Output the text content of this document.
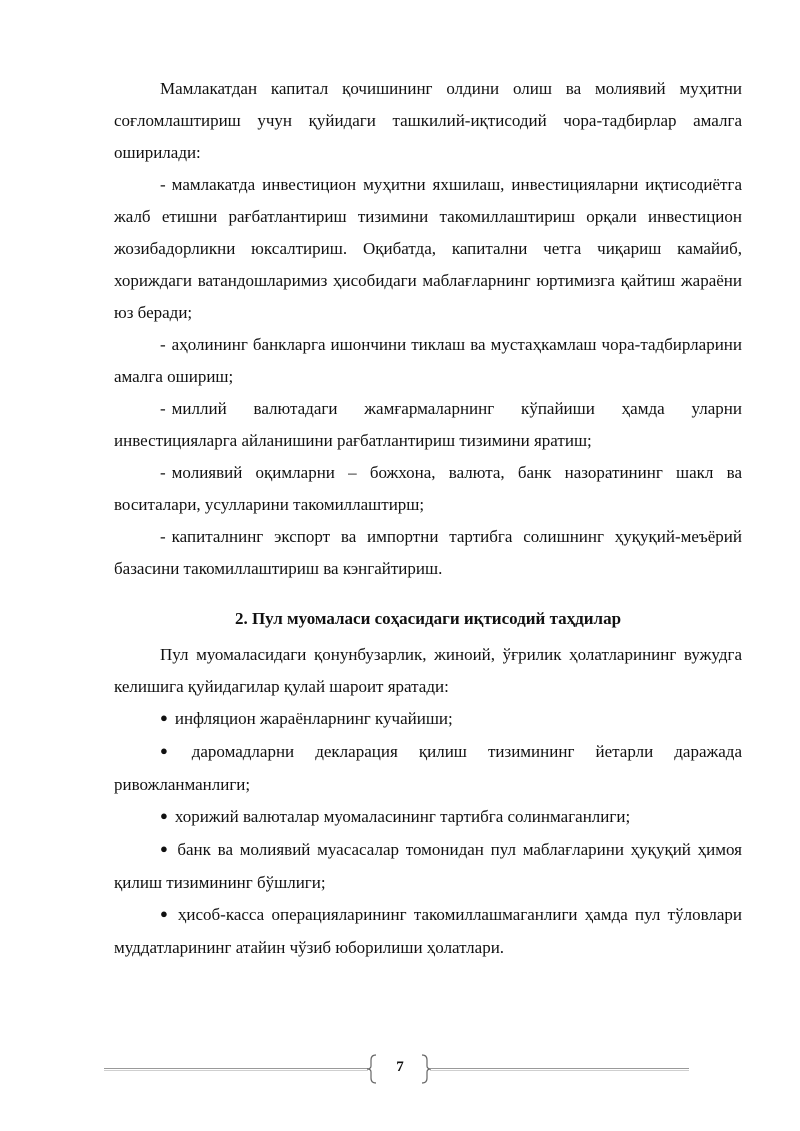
Мамлакатдан капитал қочишининг олдини олиш ва молиявий муҳитни соғломлаштириш учун қуйидаги ташкилий-иқтисодий чора-тадбирлар амалга оширилади:

- мамлакатда инвестицион муҳитни яхшилаш, инвестицияларни иқтисодиётга жалб етишни рағбатлантириш тизимини такомиллаштириш орқали инвестицион жозибадорликни юксалтириш. Оқибатда, капитални четга чиқариш камайиб, хориждаги ватандошларимиз ҳисобидаги маблағларнинг юртимизга қайтиш жараёни юз беради;

- аҳолининг банкларга ишончини тиклаш ва мустаҳкамлаш чора-тадбирларини амалга ошириш;

- миллий валютадаги жамғармаларнинг кўпайиши ҳамда уларни инвестицияларга айланишини рағбатлантириш тизимини яратиш;

- молиявий оқимларни – божхона, валюта, банк назоратининг шакл ва воситалари, усулларини такомиллаштирш;

- капиталнинг экспорт ва импортни тартибга солишнинг ҳуқуқий-меъёрий базасини такомиллаштириш ва кэнгайтириш.

2. Пул муомаласи соҳасидаги иқтисодий таҳдилар

Пул муомаласидаги қонунбузарлик, жиноий, ўғрилик ҳолатларининг вужудга келишига қуйидагилар қулай шароит яратади:

● инфляцион жараёнларнинг кучайиши;

● даромадларни декларация қилиш тизимининг йетарли даражада ривожланманлиги;

● хорижий валюталар муомаласининг тартибга солинмаганлиги;

● банк ва молиявий муасасалар томонидан пул маблағларини ҳуқуқий ҳимоя қилиш тизимининг бўшлиги;

● ҳисоб-касса операцияларининг такомиллашмаганлиги ҳамда пул тўловлари муддатларининг атайин чўзиб юборилиши ҳолатлари.

7
